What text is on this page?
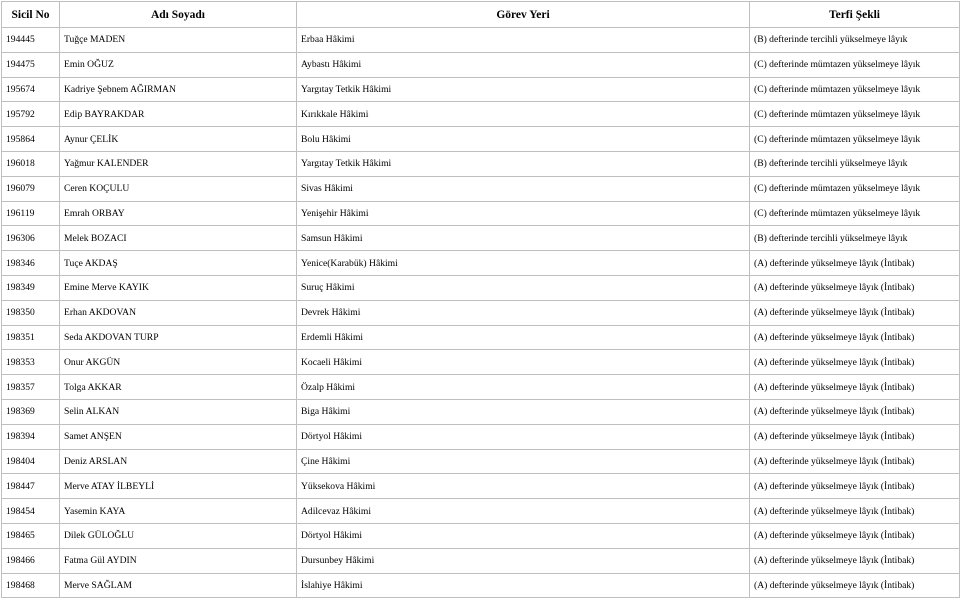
Sicil No	Adı Soyadı	Görev Yeri	Terfi Şekli
194445	Tuğçe MADEN	Erbaa Hâkimi	(B) defterinde tercihli yükselmeye lâyık
194475	Emin OĞUZ	Aybastı Hâkimi	(C) defterinde mümtazen yükselmeye lâyık
195674	Kadriye Şebnem AĞIRMAN	Yargıtay Tetkik Hâkimi	(C) defterinde mümtazen yükselmeye lâyık
195792	Edip BAYRAKDAR	Kırıkkale Hâkimi	(C) defterinde mümtazen yükselmeye lâyık
195864	Aynur ÇELİK	Bolu Hâkimi	(C) defterinde mümtazen yükselmeye lâyık
196018	Yağmur KALENDER	Yargıtay Tetkik Hâkimi	(B) defterinde tercihli yükselmeye lâyık
196079	Ceren KOÇULU	Sivas Hâkimi	(C) defterinde mümtazen yükselmeye lâyık
196119	Emrah ORBAY	Yenişehir Hâkimi	(C) defterinde mümtazen yükselmeye lâyık
196306	Melek BOZACI	Samsun Hâkimi	(B) defterinde tercihli yükselmeye lâyık
198346	Tuçe AKDAŞ	Yenice(Karabük) Hâkimi	(A) defterinde yükselmeye lâyık (İntibak)
198349	Emine Merve KAYIK	Suruç Hâkimi	(A) defterinde yükselmeye lâyık (İntibak)
198350	Erhan AKDOVAN	Devrek Hâkimi	(A) defterinde yükselmeye lâyık (İntibak)
198351	Seda AKDOVAN TURP	Erdemli Hâkimi	(A) defterinde yükselmeye lâyık (İntibak)
198353	Onur AKGÜN	Kocaeli Hâkimi	(A) defterinde yükselmeye lâyık (İntibak)
198357	Tolga AKKAR	Özalp Hâkimi	(A) defterinde yükselmeye lâyık (İntibak)
198369	Selin ALKAN	Biga Hâkimi	(A) defterinde yükselmeye lâyık (İntibak)
198394	Samet ANŞEN	Dörtyol Hâkimi	(A) defterinde yükselmeye lâyık (İntibak)
198404	Deniz ARSLAN	Çine Hâkimi	(A) defterinde yükselmeye lâyık (İntibak)
198447	Merve ATAY İLBEYLİ	Yüksekova Hâkimi	(A) defterinde yükselmeye lâyık (İntibak)
198454	Yasemin KAYA	Adilcevaz Hâkimi	(A) defterinde yükselmeye lâyık (İntibak)
198465	Dilek GÜLOĞLU	Dörtyol Hâkimi	(A) defterinde yükselmeye lâyık (İntibak)
198466	Fatma Gül AYDIN	Dursunbey Hâkimi	(A) defterinde yükselmeye lâyık (İntibak)
198468	Merve SAĞLAM	İslahiye Hâkimi	(A) defterinde yükselmeye lâyık (İntibak)
